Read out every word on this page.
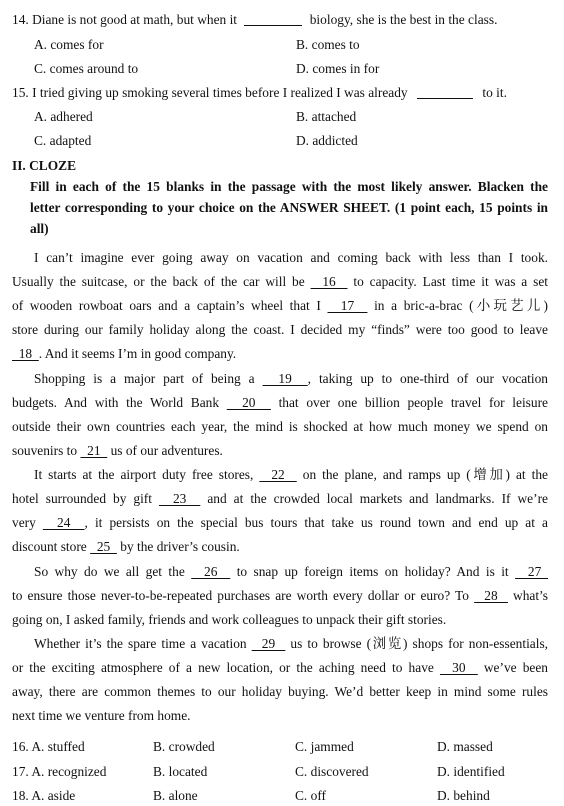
14. Diane is not good at math, but when it	biology, she is the best in the class.
A. comes for	B. comes to
C. comes around to	D. comes in for
15. I tried giving up smoking several times before I realized I was already	to it.
A. adhered	B. attached
C. adapted	D. addicted
II. CLOZE
Fill in each of the 15 blanks in the passage with the most likely answer. Blacken the
letter corresponding to your choice on the ANSWER SHEET. (1 point each, 15 points in
all)
I can’t imagine ever going away on vacation and coming back with less than I took.
Usually the suitcase, or the back of the car will be   16   to capacity. Last time it was a set
of wooden rowboat oars and a captain’s wheel that I   17   in a bric-a-brac (小玩艺儿)
store during our family holiday along the coast. I decided my “finds” were too good to leave
18  . And it seems I’m in good company.
Shopping is a major part of being a   19  , taking up to one-third of our vocation
budgets. And with the World Bank   20   that over one billion people travel for leisure
outside their own countries each year, the mind is shocked at how much money we spend on
souvenirs to   21   us of our adventures.
It starts at the airport duty free stores,   22   on the plane, and ramps up (增加) at the
hotel surrounded by gift   23   and at the crowded local markets and landmarks. If we’re
very   24  , it persists on the special bus tours that take us round town and end up at a
discount store   25   by the driver’s cousin.
So why do we all get the   26   to snap up foreign items on holiday? And is it   27
to ensure those never-to-be-repeated purchases are worth every dollar or euro? To   28   what’s
going on, I asked family, friends and work colleagues to unpack their gift stories.
Whether it’s the spare time a vacation   29   us to browse (浏览) shops for non-essentials,
or the exciting atmosphere of a new location, or the aching need to have   30   we’ve been
away, there are common themes to our holiday buying. We’d better keep in mind some rules
next time we venture from home.
16. A. stuffed	B. crowded	C. jammed	D. massed
17. A. recognized	B. located	C. discovered	D. identified
18. A. aside	B. alone	C. off	D. behind
